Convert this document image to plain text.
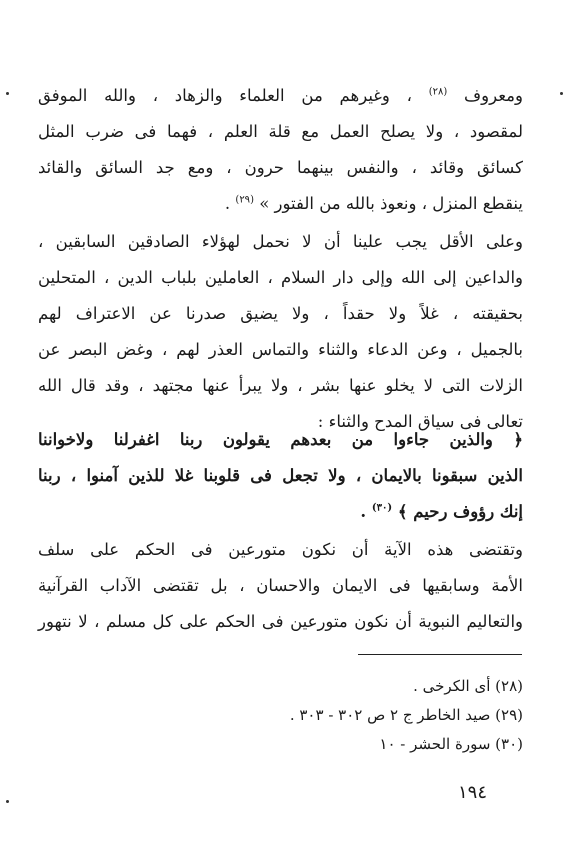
ومعروف $^{(٢٨)}$ ، وغيرهم من العلماء والزهاد ، والله الموفق
لمقصود ، ولا يصلح العمل مع قلة العلم ، فهما فى ضرب المثل
كسائق وقائد ، والنفس بينهما حرون ، ومع جد السائق والقائد
ينقطع المنزل ، ونعوذ بالله من الفتور » $^{(٢٩)}$ .

وعلى الأقل يجب علينا أن لا نحمل لهؤلاء الصادقين السابقين ،
والداعين إلى الله وإلى دار السلام ، العاملين بلباب الدين ، المتحلين
بحقيقته ، غلاً ولا حقداً ، ولا يضيق صدرنا عن الاعتراف لهم
بالجميل ، وعن الدعاء والثناء والتماس العذر لهم ، وغض البصر عن
الزلات التى لا يخلو عنها بشر ، ولا يبرأ عنها مجتهد ، وقد قال الله
تعالى فى سياق المدح والثناء :

﴿ والذين جاءوا من بعدهم يقولون ربنا اغفرلنا ولاخواننا
الذين سبقونا بالايمان ، ولا تجعل فى قلوبنا غلا للذين آمنوا ، ربنا
إنك رؤوف رحيم ﴾ $^{(٣٠)}$ .

وتقتضى هذه الآية أن نكون متورعين فى الحكم على سلف
الأمة وسابقيها فى الايمان والاحسان ، بل تقتضى الآداب القرآنية
والتعاليم النبوية أن نكون متورعين فى الحكم على كل مسلم ، لا نتهور

(٢٨) أى الكرخى .
(٢٩) صيد الخاطر ج ٢ ص ٣٠٢ - ٣٠٣ .
(٣٠) سورة الحشر - ١٠
١٩٤
